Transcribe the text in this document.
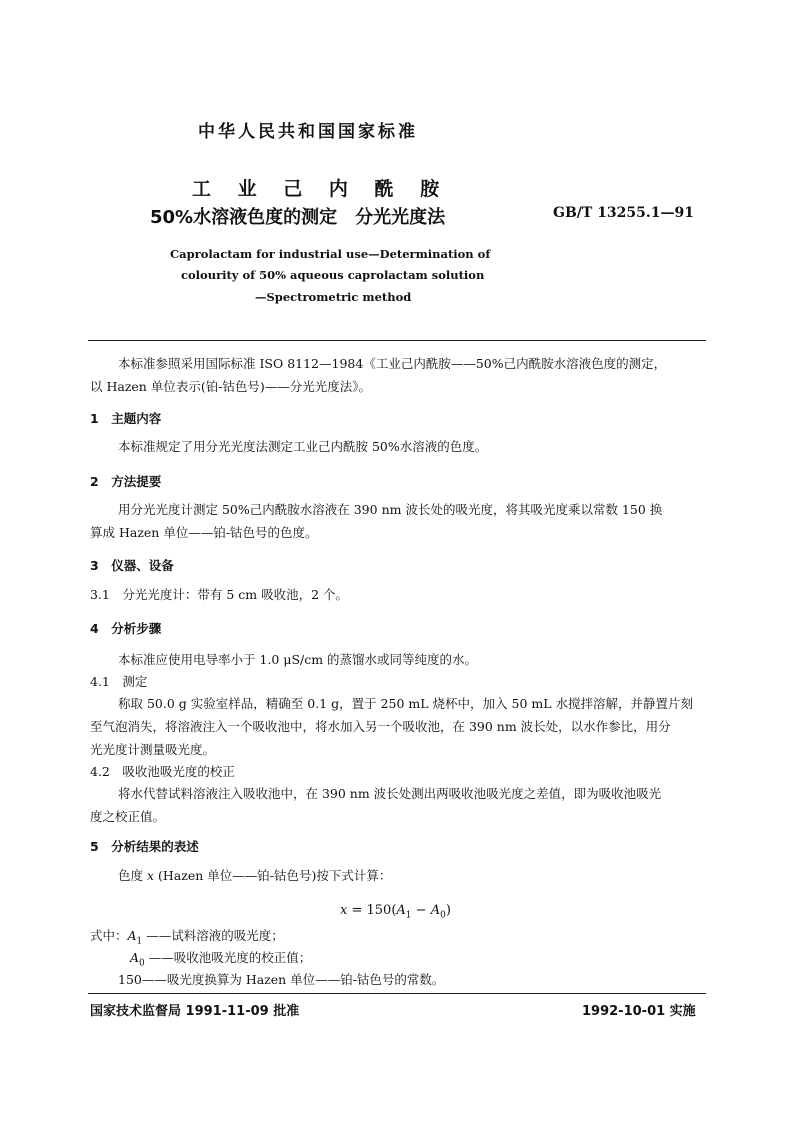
中华人民共和国国家标准
工 业 己 内 酰 胺
50%水溶液色度的测定　分光光度法	GB/T 13255.1—91
Caprolactam for industrial use—Determination of
colourity of 50% aqueous caprolactam solution
—Spectrometric method
本标准参照采用国际标准 ISO 8112—1984《工业己内酰胺——50%己内酰胺水溶液色度的测定，
以 Hazen 单位表示(铂-钴色号)——分光光度法》。
1　主题内容
本标准规定了用分光光度法测定工业己内酰胺 50%水溶液的色度。
2　方法提要
用分光光度计测定 50%己内酰胺水溶液在 390 nm 波长处的吸光度，将其吸光度乘以常数 150 换
算成 Hazen 单位——铂-钴色号的色度。
3　仪器、设备
3.1　分光光度计：带有 5 cm 吸收池，2 个。
4　分析步骤
本标准应使用电导率小于 1.0 μS/cm 的蒸馏水或同等纯度的水。
4.1　测定
称取 50.0 g 实验室样品，精确至 0.1 g，置于 250 mL 烧杯中，加入 50 mL 水搅拌溶解，并静置片刻
至气泡消失，将溶液注入一个吸收池中，将水加入另一个吸收池，在 390 nm 波长处，以水作参比，用分
光光度计测量吸光度。
4.2　吸收池吸光度的校正
将水代替试料溶液注入吸收池中，在 390 nm 波长处测出两吸收池吸光度之差值，即为吸收池吸光
度之校正值。
5　分析结果的表述
色度 x (Hazen 单位——铂-钴色号)按下式计算：
$x = 150(A_1 - A_0)$
式中：$A_1$ ——试料溶液的吸光度；
$A_0$ ——吸收池吸光度的校正值；
150——吸光度换算为 Hazen 单位——铂-钴色号的常数。
国家技术监督局 1991-11-09 批准	1992-10-01 实施
